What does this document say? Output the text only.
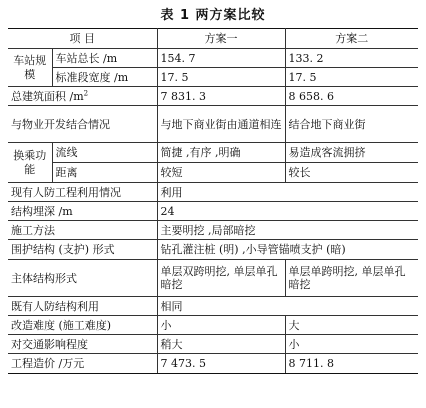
表 1 两方案比较
项 目		方案一	方案二
车站规模	车站总长 /m	154. 7	133. 2
	标准段宽度 /m	17. 5	17. 5
总建筑面积 $/m^2$		7 831. 3	8 658. 6
与物业开发结合情况		与地下商业街由通道相连	结合地下商业街
换乘功能	流线	简捷 ,有序 ,明确	易造成客流拥挤
	距离	较短	较长
现有人防工程利用情况		利用	
结构埋深 /m		24	
施工方法		主要明挖 ,局部暗挖	
围护结构 (支护) 形式		钻孔灌注桩 (明) ,小导管锚喷支护 (暗)	
主体结构形式		单层双跨明挖, 单层单孔暗挖	单层单跨明挖, 单层单孔暗挖
既有人防结构利用		相同	
改造难度 (施工难度)		小	大
对交通影响程度		稍大	小
工程造价 /万元		7 473. 5	8 711. 8
